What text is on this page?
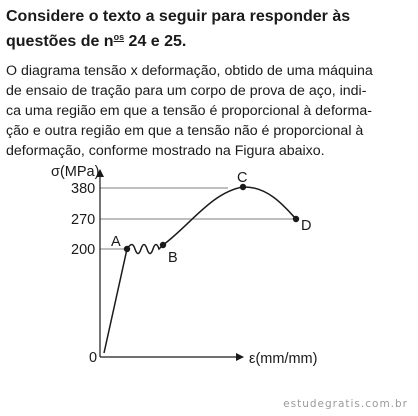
Considere o texto a seguir para responder às
questões de $n^{os}$ 24 e 25.

O diagrama tensão x deformação, obtido de uma máquina
de ensaio de tração para um corpo de prova de aço, indi-
ca uma região em que a tensão é proporcional à deforma-
ção e outra região em que a tensão não é proporcional à
deformação, conforme mostrado na Figura abaixo.

σ(MPa)
ε(mm/mm)
0
380
270
200 A
B
C
D
estudegratis.com.br
